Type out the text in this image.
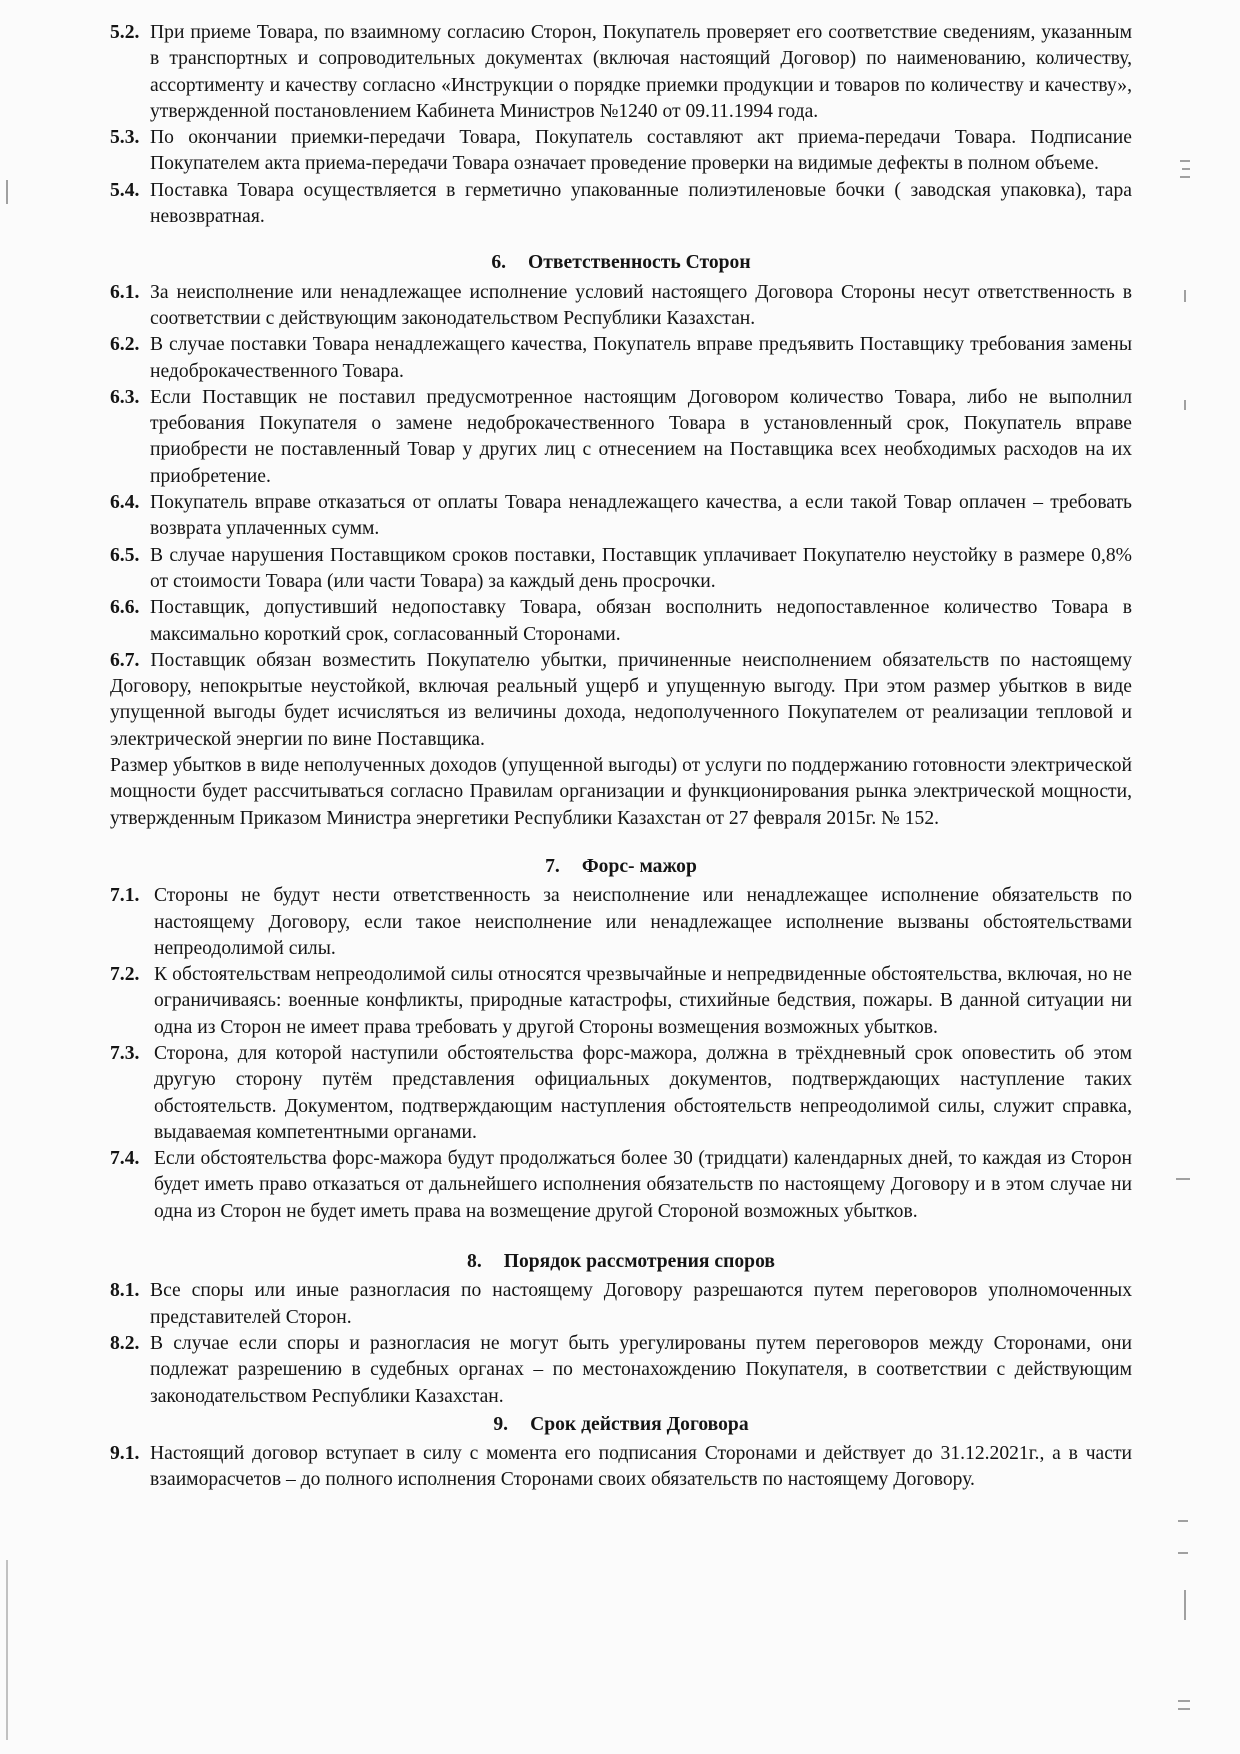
5.2. При приеме Товара, по взаимному согласию Сторон, Покупатель проверяет его соответствие сведениям, указанным в транспортных и сопроводительных документах (включая настоящий Договор) по наименованию, количеству, ассортименту и качеству согласно «Инструкции о порядке приемки продукции и товаров по количеству и качеству», утвержденной постановлением Кабинета Министров №1240 от 09.11.1994 года.
5.3. По окончании приемки-передачи Товара, Покупатель составляют акт приема-передачи Товара. Подписание Покупателем акта приема-передачи Товара означает проведение проверки на видимые дефекты в полном объеме.
5.4. Поставка Товара осуществляется в герметично упакованные полиэтиленовые бочки ( заводская упаковка), тара невозвратная.
6. Ответственность Сторон
6.1. За неисполнение или ненадлежащее исполнение условий настоящего Договора Стороны несут ответственность в соответствии с действующим законодательством Республики Казахстан.
6.2. В случае поставки Товара ненадлежащего качества, Покупатель вправе предъявить Поставщику требования замены недоброкачественного Товара.
6.3. Если Поставщик не поставил предусмотренное настоящим Договором количество Товара, либо не выполнил требования Покупателя о замене недоброкачественного Товара в установленный срок, Покупатель вправе приобрести не поставленный Товар у других лиц с отнесением на Поставщика всех необходимых расходов на их приобретение.
6.4. Покупатель вправе отказаться от оплаты Товара ненадлежащего качества, а если такой Товар оплачен – требовать возврата уплаченных сумм.
6.5. В случае нарушения Поставщиком сроков поставки, Поставщик уплачивает Покупателю неустойку в размере 0,8% от стоимости Товара (или части Товара) за каждый день просрочки.
6.6. Поставщик, допустивший недопоставку Товара, обязан восполнить недопоставленное количество Товара в максимально короткий срок, согласованный Сторонами.

6.7. Поставщик обязан возместить Покупателю убытки, причиненные неисполнением обязательств по настоящему Договору, непокрытые неустойкой, включая реальный ущерб и упущенную выгоду. При этом размер убытков в виде упущенной выгоды будет исчисляться из величины дохода, недополученного Покупателем от реализации тепловой и электрической энергии по вине Поставщика.

Размер убытков в виде неполученных доходов (упущенной выгоды) от услуги по поддержанию готовности электрической мощности будет рассчитываться согласно Правилам организации и функционирования рынка электрической мощности, утвержденным Приказом Министра энергетики Республики Казахстан от 27 февраля 2015г. № 152.

7. Форс- мажор
7.1. Стороны не будут нести ответственность за неисполнение или ненадлежащее исполнение обязательств по настоящему Договору, если такое неисполнение или ненадлежащее исполнение вызваны обстоятельствами непреодолимой силы.
7.2. К обстоятельствам непреодолимой силы относятся чрезвычайные и непредвиденные обстоятельства, включая, но не ограничиваясь: военные конфликты, природные катастрофы, стихийные бедствия, пожары. В данной ситуации ни одна из Сторон не имеет права требовать у другой Стороны возмещения возможных убытков.
7.3. Сторона, для которой наступили обстоятельства форс-мажора, должна в трёхдневный срок оповестить об этом другую сторону путём представления официальных документов, подтверждающих наступление таких обстоятельств. Документом, подтверждающим наступления обстоятельств непреодолимой силы, служит справка, выдаваемая компетентными органами.
7.4. Если обстоятельства форс-мажора будут продолжаться более 30 (тридцати) календарных дней, то каждая из Сторон будет иметь право отказаться от дальнейшего исполнения обязательств по настоящему Договору и в этом случае ни одна из Сторон не будет иметь права на возмещение другой Стороной возможных убытков.
8. Порядок рассмотрения споров
8.1. Все споры или иные разногласия по настоящему Договору разрешаются путем переговоров уполномоченных представителей Сторон.
8.2. В случае если споры и разногласия не могут быть урегулированы путем переговоров между Сторонами, они подлежат разрешению в судебных органах – по местонахождению Покупателя, в соответствии с действующим законодательством Республики Казахстан.
9. Срок действия Договора
9.1. Настоящий договор вступает в силу с момента его подписания Сторонами и действует до 31.12.2021г., а в части взаиморасчетов – до полного исполнения Сторонами своих обязательств по настоящему Договору.
